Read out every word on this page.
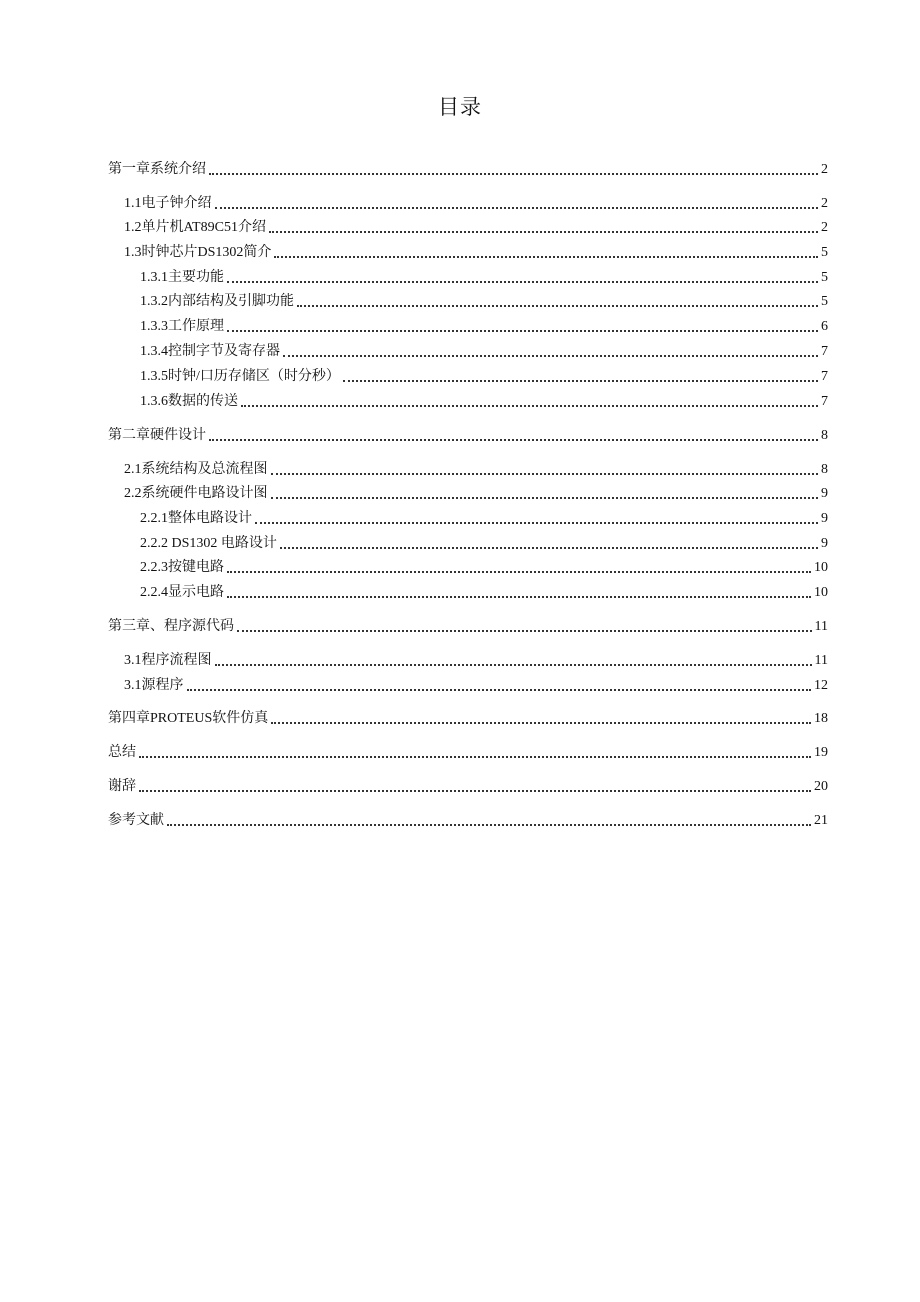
目录
第一章系统介绍	2
1.1电子钟介绍	2
1.2单片机AT89C51介绍	2
1.3时钟芯片DS1302简介	5
1.3.1主要功能	5
1.3.2内部结构及引脚功能	5
1.3.3工作原理	6
1.3.4控制字节及寄存器	7
1.3.5时钟/口历存储区（时分秒）	7
1.3.6数据的传送	7
第二章硬件设计	8
2.1系统结构及总流程图	8
2.2系统硬件电路设计图	9
2.2.1整体电路设计	9
2.2.2 DS1302 电路设计	9
2.2.3按键电路	10
2.2.4显示电路	10
第三章、程序源代码	11
3.1程序流程图	11
3.1源程序	12
第四章PROTEUS软件仿真	18
总结	19
谢辞	20
参考文献	21
